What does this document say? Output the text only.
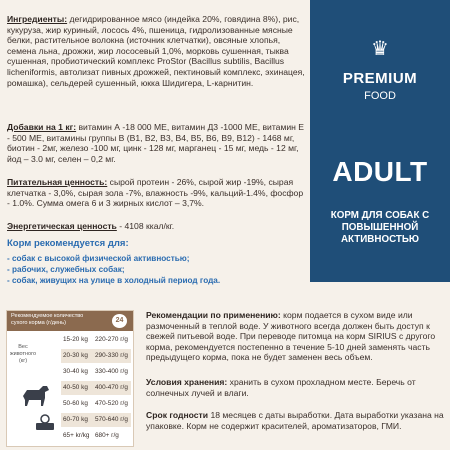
Ингредиенты: дегидрированное мясо (индейка 20%, говядина 8%), рис, кукуруза, жир куриный, лосось 4%, пшеница, гидролизованные мясные белки, растительное волокна (источник клетчатки), овсяные хлопья, семена льна, дрожжи, жир лососевый 1,0%, морковь сушенная, тыква сушенная, пробиотический комплекс ProStor (Bacillus subtilis, Bacillus licheniformis, автолизат пивных дрожжей, пектиновый комплекс, эхинацея, ромашка), сельдерей сушенный, юкка Шидигера, L-карнитин.

Добавки на 1 кг: витамин А -18 000 МЕ, витамин Д3 -1000 МЕ, витамин Е - 500 МЕ, витамины группы В (B1, B2, B3, B4, B5, B6, B9, B12) - 1468 мг, биотин - 2мг, железо -100 мг, цинк - 128 мг, марганец - 15 мг, медь - 12 мг, йод – 3.0 мг, селен – 0,2 мг.

Питательная ценность: сырой протеин - 26%, сырой жир -19%, сырая клетчатка - 3,0%, сырая зола -7%, влажность -9%, кальций-1.4%, фосфор - 1.0%. Сумма омега 6 и 3 жирных кислот – 3,7%.

Энергетическая ценность - 4108 ккал/кг.

♛
PREMIUM
FOOD
ADULT
КОРМ ДЛЯ СОБАК С ПОВЫШЕННОЙ АКТИВНОСТЬЮ
Корм рекомендуется для:
- собак с высокой физической активностью;
- рабочих, служебных собак;
- собак, живущих на улице в холодный период года.
Рекомендуемое количество сухого корма (г/день)	24
Вес животного (кг)
15-20 kg 220-270 г/g
20-30 kg 290-330 г/g
30-40 kg 330-400 г/g
40-50 kg 400-470 г/g
50-60 kg 470-520 г/g
60-70 kg 570-640 г/g
65+ kr/kg 680+ г/g

Рекомендации по применению: корм подается в сухом виде или размоченный в теплой воде. У животного всегда должен быть доступ к свежей питьевой воде. При переводе питомца на корм SIRIUS с другого корма, рекомендуется постепенно в течение 5-10 дней заменять часть предыдущего корма, пока не будет заменен весь объем.

Условия хранения: хранить в сухом прохладном месте. Беречь от солнечных лучей и влаги.

Срок годности 18 месяцев с даты выработки. Дата выработки указана на упаковке. Корм не содержит красителей, ароматизаторов, ГМИ.
